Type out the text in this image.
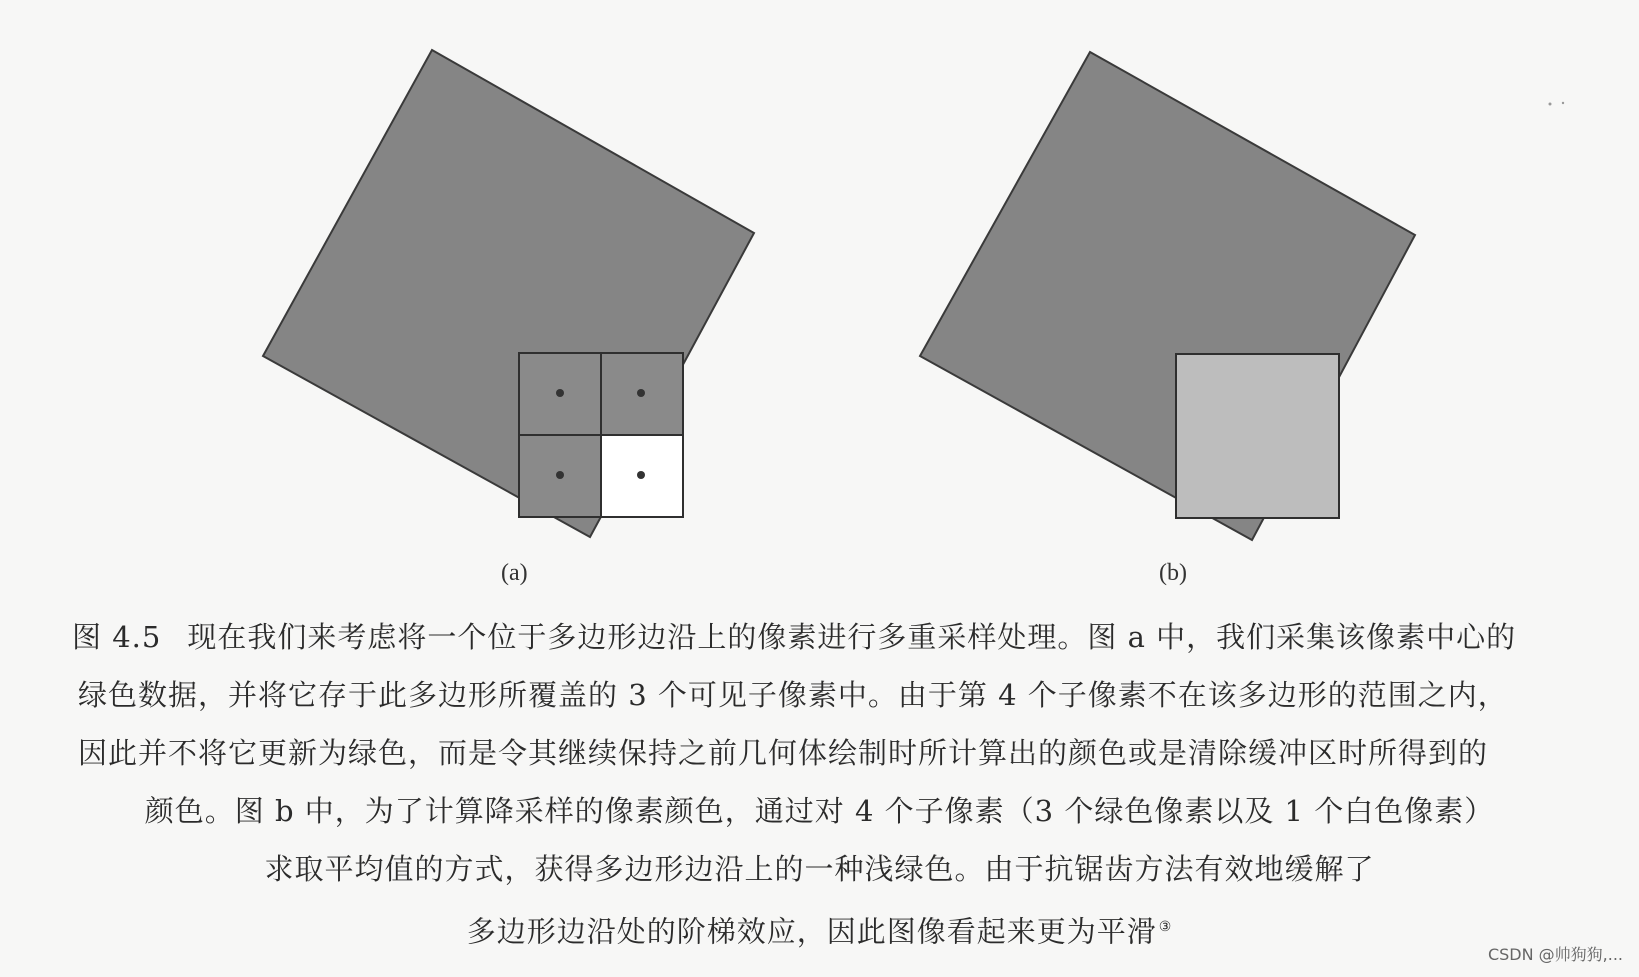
(a)	(b)
图 4.5 现在我们来考虑将一个位于多边形边沿上的像素进行多重采样处理。图 a 中，我们采集该像素中心的
绿色数据，并将它存于此多边形所覆盖的 3 个可见子像素中。由于第 4 个子像素不在该多边形的范围之内，
因此并不将它更新为绿色，而是令其继续保持之前几何体绘制时所计算出的颜色或是清除缓冲区时所得到的
颜色。图 b 中，为了计算降采样的像素颜色，通过对 4 个子像素（3 个绿色像素以及 1 个白色像素）
求取平均值的方式，获得多边形边沿上的一种浅绿色。由于抗锯齿方法有效地缓解了
多边形边沿处的阶梯效应，因此图像看起来更为平滑 ③
CSDN @帅狗狗,...
